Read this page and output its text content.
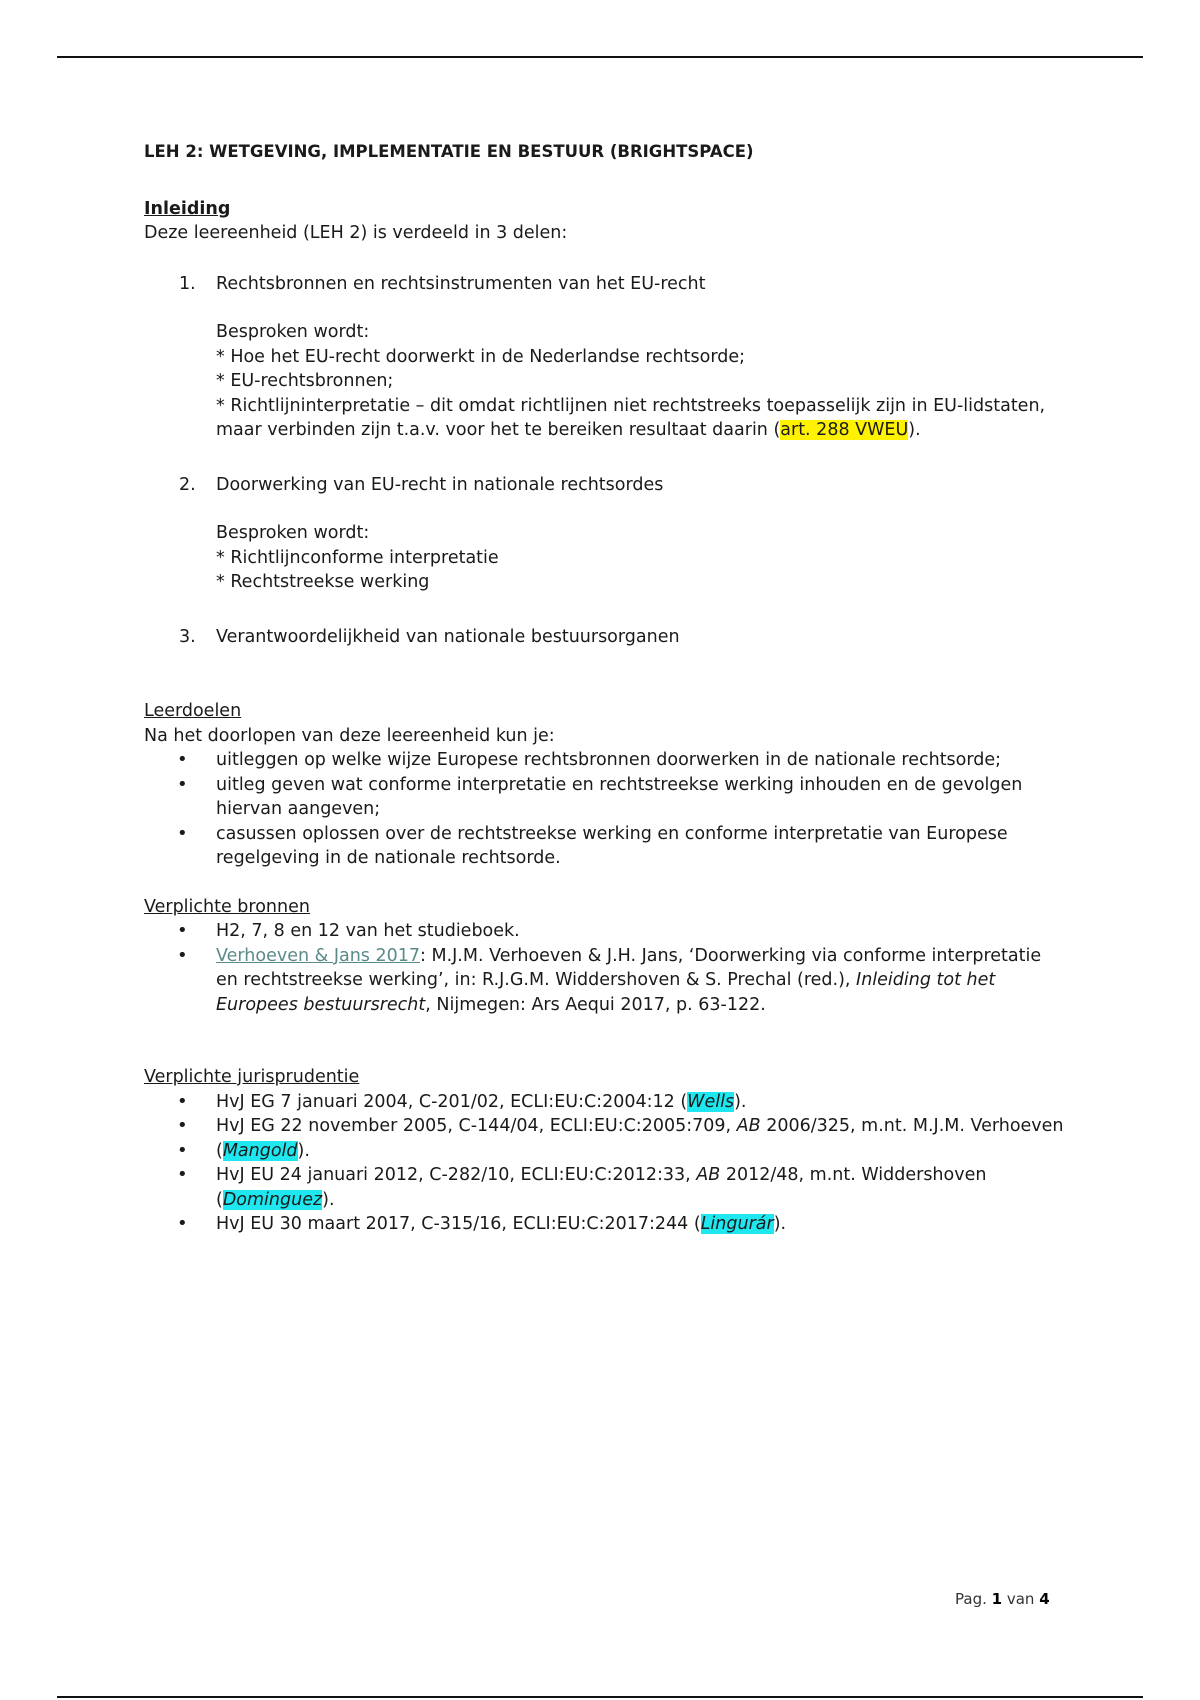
LEH 2: WETGEVING, IMPLEMENTATIE EN BESTUUR (BRIGHTSPACE)
Inleiding
Deze leereenheid (LEH 2) is verdeeld in 3 delen:
1. Rechtsbronnen en rechtsinstrumenten van het EU-recht
Besproken wordt:
* Hoe het EU-recht doorwerkt in de Nederlandse rechtsorde;
* EU-rechtsbronnen;
* Richtlijninterpretatie – dit omdat richtlijnen niet rechtstreeks toepasselijk zijn in EU-lidstaten, maar verbinden zijn t.a.v. voor het te bereiken resultaat daarin (art. 288 VWEU).
2. Doorwerking van EU-recht in nationale rechtsordes
Besproken wordt:
* Richtlijnconforme interpretatie
* Rechtstreekse werking
3. Verantwoordelijkheid van nationale bestuursorganen
Leerdoelen
Na het doorlopen van deze leereenheid kun je:
• uitleggen op welke wijze Europese rechtsbronnen doorwerken in de nationale rechtsorde;
• uitleg geven wat conforme interpretatie en rechtstreekse werking inhouden en de gevolgen hiervan aangeven;
• casussen oplossen over de rechtstreekse werking en conforme interpretatie van Europese regelgeving in de nationale rechtsorde.
Verplichte bronnen
• H2, 7, 8 en 12 van het studieboek.
• Verhoeven & Jans 2017: M.J.M. Verhoeven & J.H. Jans, ‘Doorwerking via conforme interpretatie en rechtstreekse werking’, in: R.J.G.M. Widdershoven & S. Prechal (red.), Inleiding tot het Europees bestuursrecht, Nijmegen: Ars Aequi 2017, p. 63-122.
Verplichte jurisprudentie
• HvJ EG 7 januari 2004, C-201/02, ECLI:EU:C:2004:12 (Wells).
• HvJ EG 22 november 2005, C-144/04, ECLI:EU:C:2005:709, AB 2006/325, m.nt. M.J.M. Verhoeven
• (Mangold).
• HvJ EU 24 januari 2012, C-282/10, ECLI:EU:C:2012:33, AB 2012/48, m.nt. Widdershoven (Dominguez).
• HvJ EU 30 maart 2017, C-315/16, ECLI:EU:C:2017:244 (Lingurár).
Pag. 1 van 4
